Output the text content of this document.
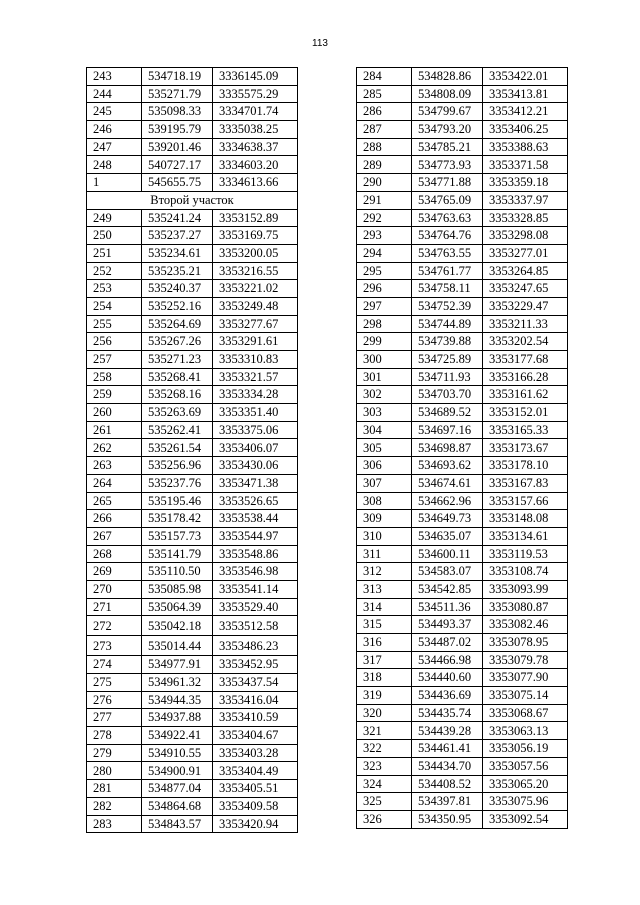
113
243	534718.19	3336145.09
244	535271.79	3335575.29
245	535098.33	3334701.74
246	539195.79	3335038.25
247	539201.46	3334638.37
248	540727.17	3334603.20
1	545655.75	3334613.66
Второй участок		
249	535241.24	3353152.89
250	535237.27	3353169.75
251	535234.61	3353200.05
252	535235.21	3353216.55
253	535240.37	3353221.02
254	535252.16	3353249.48
255	535264.69	3353277.67
256	535267.26	3353291.61
257	535271.23	3353310.83
258	535268.41	3353321.57
259	535268.16	3353334.28
260	535263.69	3353351.40
261	535262.41	3353375.06
262	535261.54	3353406.07
263	535256.96	3353430.06
264	535237.76	3353471.38
265	535195.46	3353526.65
266	535178.42	3353538.44
267	535157.73	3353544.97
268	535141.79	3353548.86
269	535110.50	3353546.98
270	535085.98	3353541.14
271	535064.39	3353529.40
272	535042.18	3353512.58
273	535014.44	3353486.23
274	534977.91	3353452.95
275	534961.32	3353437.54
276	534944.35	3353416.04
277	534937.88	3353410.59
278	534922.41	3353404.67
279	534910.55	3353403.28
280	534900.91	3353404.49
281	534877.04	3353405.51
282	534864.68	3353409.58
283	534843.57	3353420.94
284	534828.86	3353422.01
285	534808.09	3353413.81
286	534799.67	3353412.21
287	534793.20	3353406.25
288	534785.21	3353388.63
289	534773.93	3353371.58
290	534771.88	3353359.18
291	534765.09	3353337.97
292	534763.63	3353328.85
293	534764.76	3353298.08
294	534763.55	3353277.01
295	534761.77	3353264.85
296	534758.11	3353247.65
297	534752.39	3353229.47
298	534744.89	3353211.33
299	534739.88	3353202.54
300	534725.89	3353177.68
301	534711.93	3353166.28
302	534703.70	3353161.62
303	534689.52	3353152.01
304	534697.16	3353165.33
305	534698.87	3353173.67
306	534693.62	3353178.10
307	534674.61	3353167.83
308	534662.96	3353157.66
309	534649.73	3353148.08
310	534635.07	3353134.61
311	534600.11	3353119.53
312	534583.07	3353108.74
313	534542.85	3353093.99
314	534511.36	3353080.87
315	534493.37	3353082.46
316	534487.02	3353078.95
317	534466.98	3353079.78
318	534440.60	3353077.90
319	534436.69	3353075.14
320	534435.74	3353068.67
321	534439.28	3353063.13
322	534461.41	3353056.19
323	534434.70	3353057.56
324	534408.52	3353065.20
325	534397.81	3353075.96
326	534350.95	3353092.54
